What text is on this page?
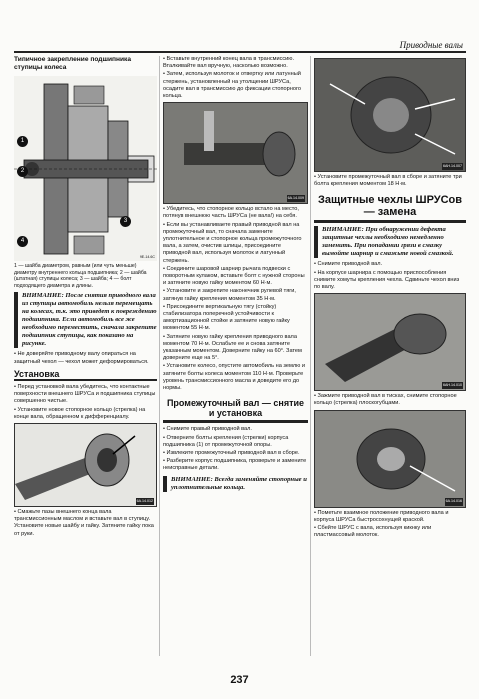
Приводные валы

Типичное закрепление подшипника ступицы колеса

1
2
3
4
9Е-14.6С

1 — шайба диаметром, равным (или чуть меньше) диаметру внутреннего кольца подшипника; 2 — шайба (штатная) ступицы колеса; 3 — шайба; 4 — болт подходящего диаметра и длины.

ВНИМАНИЕ: После снятия приводного вала из ступицы автомобиль нельзя перемещать на колесах, т.к. это приведет к повреждению подшипника. Если автомобиль все же необходимо переместить, сначала закрепите подшипник ступицы, как показано на рисунке.

• Не доверяйте приводному валу опираться на защитный чехол — чехол может деформироваться.

Установка

• Перед установкой вала убедитесь, что контактные поверхности внешнего ШРУСа и подшипника ступицы совершенно чистые.

• Установите новое стопорное кольцо (стрелка) на конце вала, обращенном к дифференциалу.

6А.14.012

• Смажьте пазы внешнего конца вала трансмиссионным маслом и вставьте вал в ступицу. Установите новые шайбу и гайку. Затяните гайку пока от руки.

• Вставьте внутренний конец вала в трансмиссию. Вталкивайте вал вручную, насколько возможно.

• Затем, используя молоток и отвертку или латунный стержень, установленный на утолщении ШРУСа, осадите вал в трансмиссию до фиксации стопорного кольца.

6А.14.009

• Убедитесь, что стопорное кольцо встало на место, потянув внешнюю часть ШРУСа (не вала!) на себя.

• Если вы устанавливаете правый приводной вал на промежуточный вал, то сначала замените уплотнительное и стопорное кольца промежуточного вала, а затем, очистив шлицы, присоедините приводной вал, используя молоток и латунный стержень.

• Соедините шаровой шарнир рычага подвески с поворотным кулаком, вставьте болт с нужной стороны и затяните новую гайку моментом 60 Н·м.

• Установите и закрепите наконечник рулевой тяги, затянув гайку крепления моментом 35 Н·м.

• Присоедините вертикальную тягу (стойку) стабилизатора поперечной устойчивости к амортизационной стойке и затяните новую гайку моментом 55 Н·м.

• Затяните новую гайку крепления приводного вала моментом 70 Н·м. Ослабьте ее и снова затяните указанным моментом. Доверните гайку на 60°. Затем доверните еще на 5°.

• Установите колесо, опустите автомобиль на землю и затяните болты колеса моментом 110 Н·м. Проверьте уровень трансмиссионного масла и доведите его до нормы.

Промежуточный вал — снятие и установка

• Снимите правый приводной вал.

• Отверните болты крепления (стрелки) корпуса подшипника (1) от промежуточной опоры.

• Извлеките промежуточный приводной вал в сборе.

• Разберите корпус подшипника, проверьте и замените неисправные детали.

ВНИМАНИЕ: Всегда заменяйте стопорные и уплотнительные кольца.

6АН.14.007

• Установите промежуточный вал в сборе и затяните три болта крепления моментом 18 Н·м.

Защитные чехлы ШРУСов — замена

ВНИМАНИЕ: При обнаружении дефекта защитные чехлы необходимо немедленно заменить. При попадании грязи в смазку вымойте шарнир и смажьте новой смазкой.

• Снимите приводной вал.

• На корпусе шарнира с помощью приспособления снимите хомуты крепления чехла. Сдвиньте чехол вниз по валу.

6АН.14.010

• Зажмите приводной вал в тисках, снимите стопорное кольцо (стрелка) плоскогубцами.

6А.14.016

• Пометьте взаимное положение приводного вала и корпуса ШРУСа быстросохнущей краской.

• Сбейте ШРУС с вала, используя кикнку или пластмассовый молоток.

237
